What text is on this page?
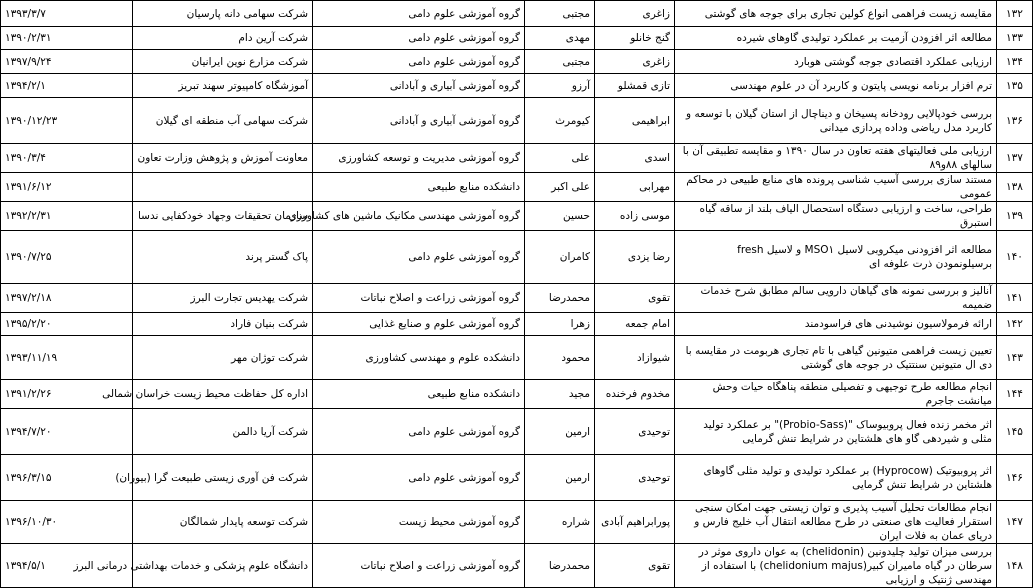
۱۳۲	مقایسه زیست فراهمی انواع کولین تجاری برای جوجه های گوشتی	زاغری	مجتبی	گروه آموزشی علوم دامی	شرکت سهامی دانه پارسیان	۱۳۹۳/۳/۷
۱۳۳	مطالعه اثر افزودن آزمیت بر عملکرد تولیدی گاوهای شیرده	گنج خانلو	مهدی	گروه آموزشی علوم دامی	شرکت آرین دام	۱۳۹۰/۲/۳۱
۱۳۴	ارزیابی عملکرد اقتصادی جوجه گوشتی هوبارد	زاغری	مجتبی	گروه آموزشی علوم دامی	شرکت مزارع نوین ایرانیان	۱۳۹۷/۹/۲۴
۱۳۵	ترم افزار برنامه نویسی پایتون و کاربرد آن در علوم مهندسی	تازی قمشلو	آرزو	گروه آموزشی آبیاری و آبادانی	آموزشگاه کامپیوتر سهند تبریز	۱۳۹۴/۲/۱
۱۳۶	بررسی خودپالایی رودخانه پسیخان و دیناچال از استان گیلان با توسعه و کاربرد مدل ریاضی وداده پردازی میدانی	ابراهیمی	کیومرث	گروه آموزشی آبیاری و آبادانی	شرکت سهامی آب منطقه ای گیلان	۱۳۹۰/۱۲/۲۳
۱۳۷	ارزیابی ملی فعالیتهای هفته تعاون در سال ۱۳۹۰ و مقایسه تطبیقی آن با سالهای ۸۸و۸۹	اسدی	علی	گروه آموزشی مدیریت و توسعه کشاورزی	معاونت آموزش و پژوهش وزارت تعاون	۱۳۹۰/۳/۴
۱۳۸	مستند سازی بررسی آسیب شناسی پرونده های منابع طبیعی در محاکم عمومی	مهرابی	علی اکبر	دانشکده منابع طبیعی		۱۳۹۱/۶/۱۲
۱۳۹	طراحی، ساخت و ارزیابی دستگاه استحصال الیاف بلند از ساقه گیاه استبرق	موسی زاده	حسین	گروه آموزشی مهندسی مکانیک ماشین های کشاورزی	سازمان تحقیقات وجهاد خودکفایی ندسا	۱۳۹۲/۲/۳۱
۱۴۰	مطالعه اثر افزودنی میکروبی لاسیل MSO۱ و لاسیل fresh برسیلونمودن ذرت علوفه ای	رضا یزدی	کامران	گروه آموزشی علوم دامی	پاک گستر پرند	۱۳۹۰/۷/۲۵
۱۴۱	آنالیز و بررسی نمونه های گیاهان دارویی سالم مطابق شرح خدمات ضمیمه	تقوی	محمدرضا	گروه آموزشی زراعت و اصلاح نباتات	شرکت یهدیس تجارت البرز	۱۳۹۷/۲/۱۸
۱۴۲	ارائه فرمولاسیون نوشیدنی های فراسودمند	امام جمعه	زهرا	گروه آموزشی علوم و صنایع غذایی	شرکت بنیان فاراد	۱۳۹۵/۲/۲۰
۱۴۳	تعیین زیست فراهمی متیونین گیاهی با تام تجاری هربومت در مقایسه با دی ال متیونین سنتتیک در جوجه های گوشتی	شیوازاد	محمود	دانشکده علوم و مهندسی کشاورزی	شرکت توژان مهر	۱۳۹۳/۱۱/۱۹
۱۴۴	انجام مطالعه طرح توجیهی و تفصیلی منطقه پناهگاه حیات وحش میانشت جاجرم	مخدوم فرخنده	مجید	دانشکده منابع طبیعی	اداره کل حفاظت محیط زیست خراسان شمالی	۱۳۹۱/۲/۲۶
۱۴۵	اثر مخمر زنده فعال پروبیوساک "(Probio-Sass)" بر عملکرد تولید مثلی و شیردهی گاو های هلشتاین در شرایط تنش گرمایی	توحیدی	ارمین	گروه آموزشی علوم دامی	شرکت آریا دالمن	۱۳۹۴/۷/۲۰
۱۴۶	اثر پروبیوتیک (Hyprocow) بر عملکرد تولیدی و تولید مثلی گاوهای هلشتاین در شرایط تنش گرمایی	توحیدی	ارمین	گروه آموزشی علوم دامی	شرکت فن آوری زیستی طبیعت گرا (بیوران)	۱۳۹۶/۳/۱۵
۱۴۷	انجام مطالعات تحلیل آسیب پذیری و توان زیستی جهت امکان سنجی استقرار فعالیت های صنعتی در طرح مطالعه انتقال آب خلیج فارس و دریای عمان به فلات ایران	پورابراهیم آبادی	شراره	گروه آموزشی محیط زیست	شرکت توسعه پایدار شمالگان	۱۳۹۶/۱۰/۳۰
۱۴۸	بررسی میزان تولید چلیدونین (chelidonin) به عوان داروی موثر در سرطان در گیاه مامیران کبیر(chelidonium majus) با استفاده از مهندسی ژنتیک و ارزیابی	تقوی	محمدرضا	گروه آموزشی زراعت و اصلاح نباتات	دانشگاه علوم پزشکی و خدمات بهداشتی درمانی البرز	۱۳۹۴/۵/۱
